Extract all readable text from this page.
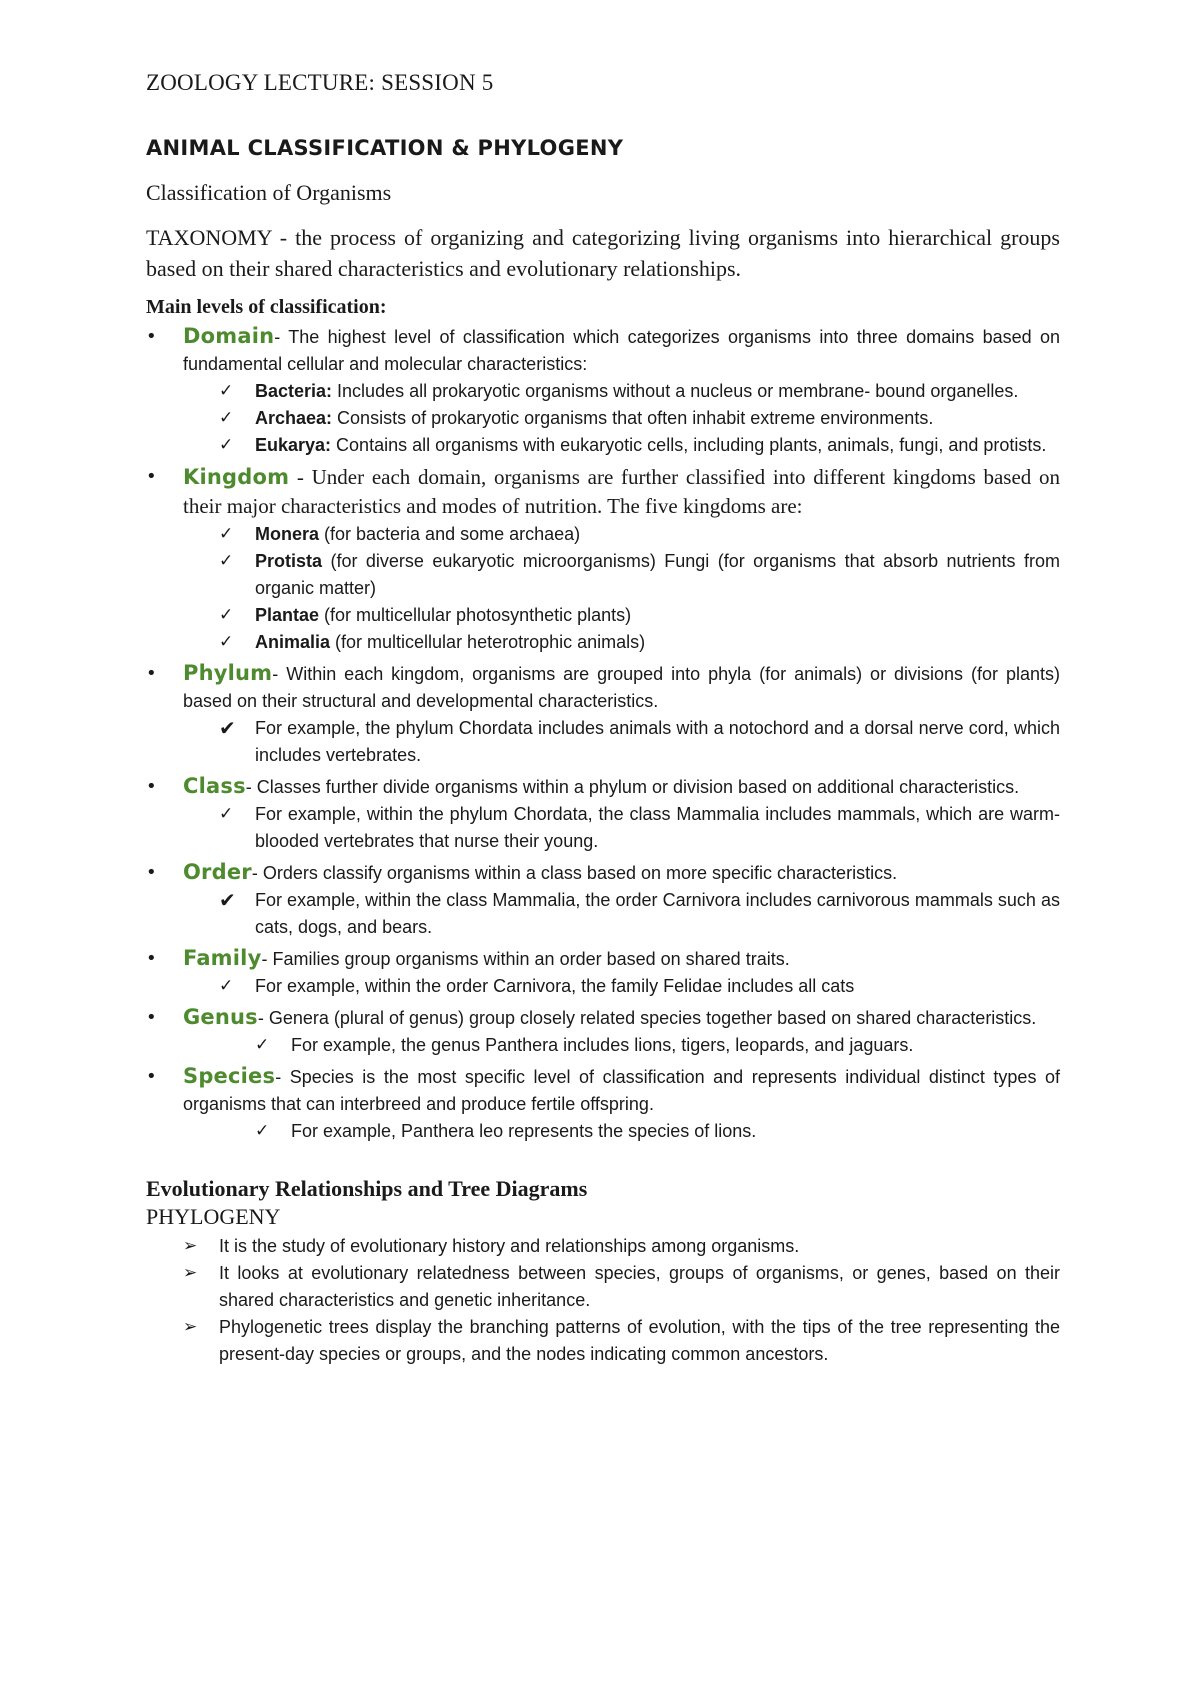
ZOOLOGY LECTURE: SESSION 5
ANIMAL CLASSIFICATION & PHYLOGENY
Classification of Organisms

TAXONOMY - the process of organizing and categorizing living organisms into hierarchical groups based on their shared characteristics and evolutionary relationships.

Main levels of classification:
• Domain- The highest level of classification which categorizes organisms into three domains based on fundamental cellular and molecular characteristics:
✓ Bacteria: Includes all prokaryotic organisms without a nucleus or membrane- bound organelles.
✓ Archaea: Consists of prokaryotic organisms that often inhabit extreme environments.
✓ Eukarya: Contains all organisms with eukaryotic cells, including plants, animals, fungi, and protists.
• Kingdom - Under each domain, organisms are further classified into different kingdoms based on their major characteristics and modes of nutrition. The five kingdoms are:
✓ Monera (for bacteria and some archaea)
✓ Protista (for diverse eukaryotic microorganisms) Fungi (for organisms that absorb nutrients from organic matter)
✓ Plantae (for multicellular photosynthetic plants)
✓ Animalia (for multicellular heterotrophic animals)
• Phylum- Within each kingdom, organisms are grouped into phyla (for animals) or divisions (for plants) based on their structural and developmental characteristics.
✔ For example, the phylum Chordata includes animals with a notochord and a dorsal nerve cord, which includes vertebrates.
• Class- Classes further divide organisms within a phylum or division based on additional characteristics.
✓ For example, within the phylum Chordata, the class Mammalia includes mammals, which are warm-blooded vertebrates that nurse their young.
• Order- Orders classify organisms within a class based on more specific characteristics.
✔ For example, within the class Mammalia, the order Carnivora includes carnivorous mammals such as cats, dogs, and bears.
• Family- Families group organisms within an order based on shared traits.
✓ For example, within the order Carnivora, the family Felidae includes all cats
• Genus- Genera (plural of genus) group closely related species together based on shared characteristics.
✓ For example, the genus Panthera includes lions, tigers, leopards, and jaguars.
• Species- Species is the most specific level of classification and represents individual distinct types of organisms that can interbreed and produce fertile offspring.
✓ For example, Panthera leo represents the species of lions.
Evolutionary Relationships and Tree Diagrams
PHYLOGENY
➢ It is the study of evolutionary history and relationships among organisms.
➢ It looks at evolutionary relatedness between species, groups of organisms, or genes, based on their shared characteristics and genetic inheritance.
➢ Phylogenetic trees display the branching patterns of evolution, with the tips of the tree representing the present-day species or groups, and the nodes indicating common ancestors.
